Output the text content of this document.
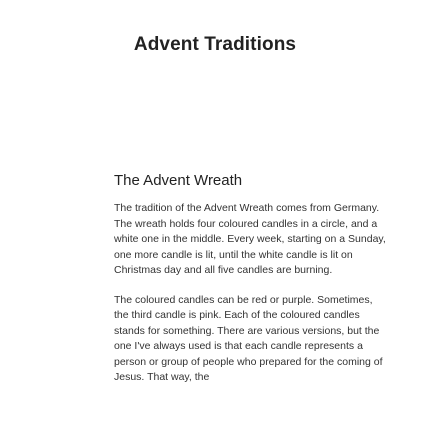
Advent Traditions
The Advent Wreath

The tradition of the Advent Wreath comes from Germany. The wreath holds four coloured candles in a circle, and a white one in the middle. Every week, starting on a Sunday, one more candle is lit, until the white candle is lit on Christmas day and all five candles are burning.

The coloured candles can be red or purple. Sometimes, the third candle is pink. Each of the coloured candles stands for something. There are various versions, but the one I've always used is that each candle represents a person or group of people who prepared for the coming of Jesus. That way, the
